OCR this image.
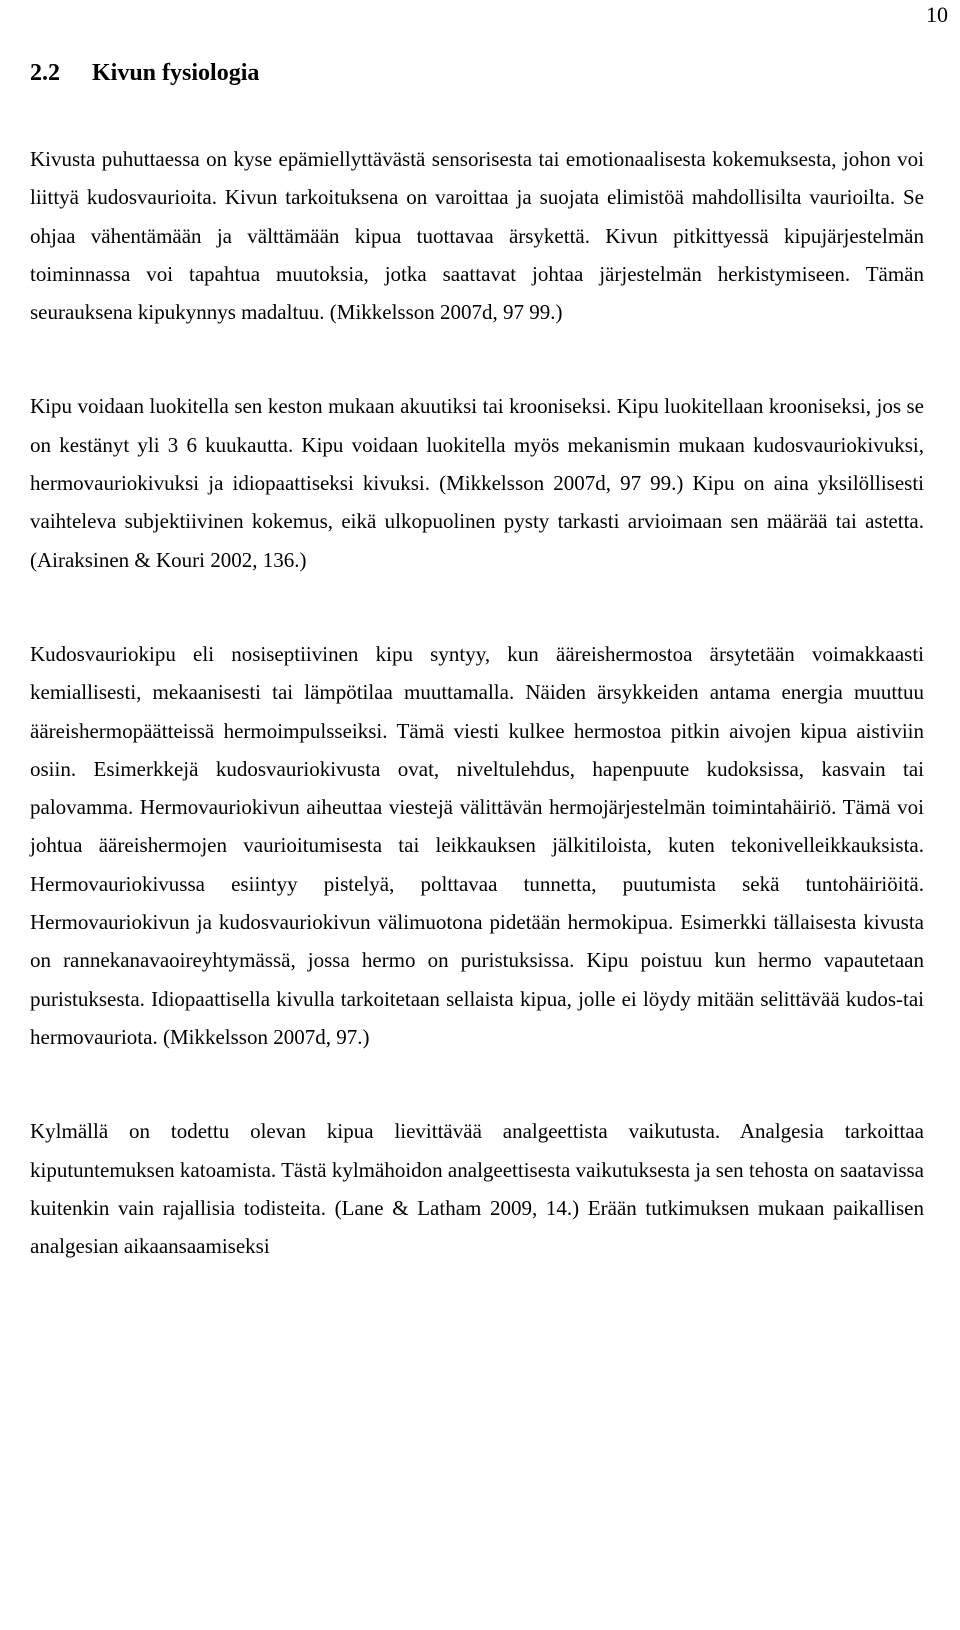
10
2.2 Kivun fysiologia

Kivusta puhuttaessa on kyse epämiellyttävästä sensorisesta tai emotionaalisesta kokemuksesta, johon voi liittyä kudosvaurioita. Kivun tarkoituksena on varoittaa ja suojata elimistöä mahdollisilta vaurioilta. Se ohjaa vähentämään ja välttämään kipua tuottavaa ärsykettä. Kivun pitkittyessä kipujärjestelmän toiminnassa voi tapahtua muutoksia, jotka saattavat johtaa järjestelmän herkistymiseen. Tämän seurauksena kipukynnys madaltuu. (Mikkelsson 2007d, 97 99.)

Kipu voidaan luokitella sen keston mukaan akuutiksi tai krooniseksi. Kipu luokitellaan krooniseksi, jos se on kestänyt yli 3 6 kuukautta. Kipu voidaan luokitella myös mekanismin mukaan kudosvauriokivuksi, hermovauriokivuksi ja idiopaattiseksi kivuksi. (Mikkelsson 2007d, 97 99.) Kipu on aina yksilöllisesti vaihteleva subjektiivinen kokemus, eikä ulkopuolinen pysty tarkasti arvioimaan sen määrää tai astetta. (Airaksinen & Kouri 2002, 136.)

Kudosvauriokipu eli nosiseptiivinen kipu syntyy, kun ääreishermostoa ärsytetään voimakkaasti kemiallisesti, mekaanisesti tai lämpötilaa muuttamalla. Näiden ärsykkeiden antama energia muuttuu ääreishermopäätteissä hermoimpulsseiksi. Tämä viesti kulkee hermostoa pitkin aivojen kipua aistiviin osiin. Esimerkkejä kudosvauriokivusta ovat, niveltulehdus, hapenpuute kudoksissa, kasvain tai palovamma. Hermovauriokivun aiheuttaa viestejä välittävän hermojärjestelmän toimintahäiriö. Tämä voi johtua ääreishermojen vaurioitumisesta tai leikkauksen jälkitiloista, kuten tekonivelleikkauksista. Hermovauriokivussa esiintyy pistelyä, polttavaa tunnetta, puutumista sekä tuntohäiriöitä. Hermovauriokivun ja kudosvauriokivun välimuotona pidetään hermokipua. Esimerkki tällaisesta kivusta on rannekanavaoireyhtymässä, jossa hermo on puristuksissa. Kipu poistuu kun hermo vapautetaan puristuksesta. Idiopaattisella kivulla tarkoitetaan sellaista kipua, jolle ei löydy mitään selittävää kudos-tai hermovauriota. (Mikkelsson 2007d, 97.)

Kylmällä on todettu olevan kipua lievittävää analgeettista vaikutusta. Analgesia tarkoittaa kiputuntemuksen katoamista. Tästä kylmähoidon analgeettisesta vaikutuksesta ja sen tehosta on saatavissa kuitenkin vain rajallisia todisteita. (Lane & Latham 2009, 14.) Erään tutkimuksen mukaan paikallisen analgesian aikaansaamiseksi
